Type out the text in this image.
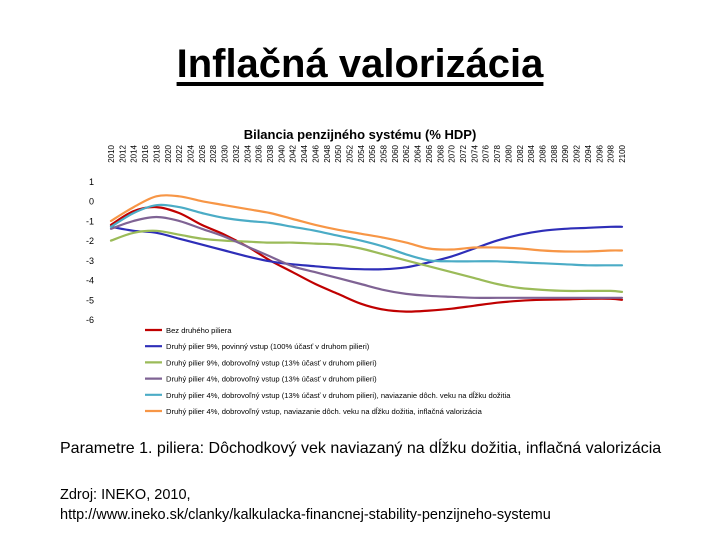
Inflačná valorizácia
Bilancia penzijného systému (% HDP)
1
0
-1
-2
-3
-4
-5
-6
2010 2012 2014 2016 2018 2020 2022 2024 2026 2028 2030 2032 2034 2036 2038 2040 2042 2044 2046 2048 2050 2052 2054 2056 2058 2060 2062 2064 2066 2068 2070 2072 2074 2076 2078 2080 2082 2084 2086 2088 2090 2092 2094 2096 2098 2100
Bez druhého piliera
Druhý pilier 9%, povinný vstup (100% účasť v druhom pilieri)
Druhý pilier 9%, dobrovoľný vstup (13% účasť v druhom pilieri)
Druhý pilier 4%, dobrovoľný vstup (13% účasť v druhom pilieri)
Druhý pilier 4%, dobrovoľný vstup (13% účasť v druhom pilieri), naviazanie dôch. veku na dĺžku dožitia
Druhý pilier 4%, dobrovoľný vstup, naviazanie dôch. veku na dĺžku dožitia, inflačná valorizácia
Parametre 1. piliera: Dôchodkový vek naviazaný na dĺžku dožitia, inflačná valorizácia
Zdroj: INEKO, 2010,
http://www.ineko.sk/clanky/kalkulacka-financnej-stability-penzijneho-systemu
